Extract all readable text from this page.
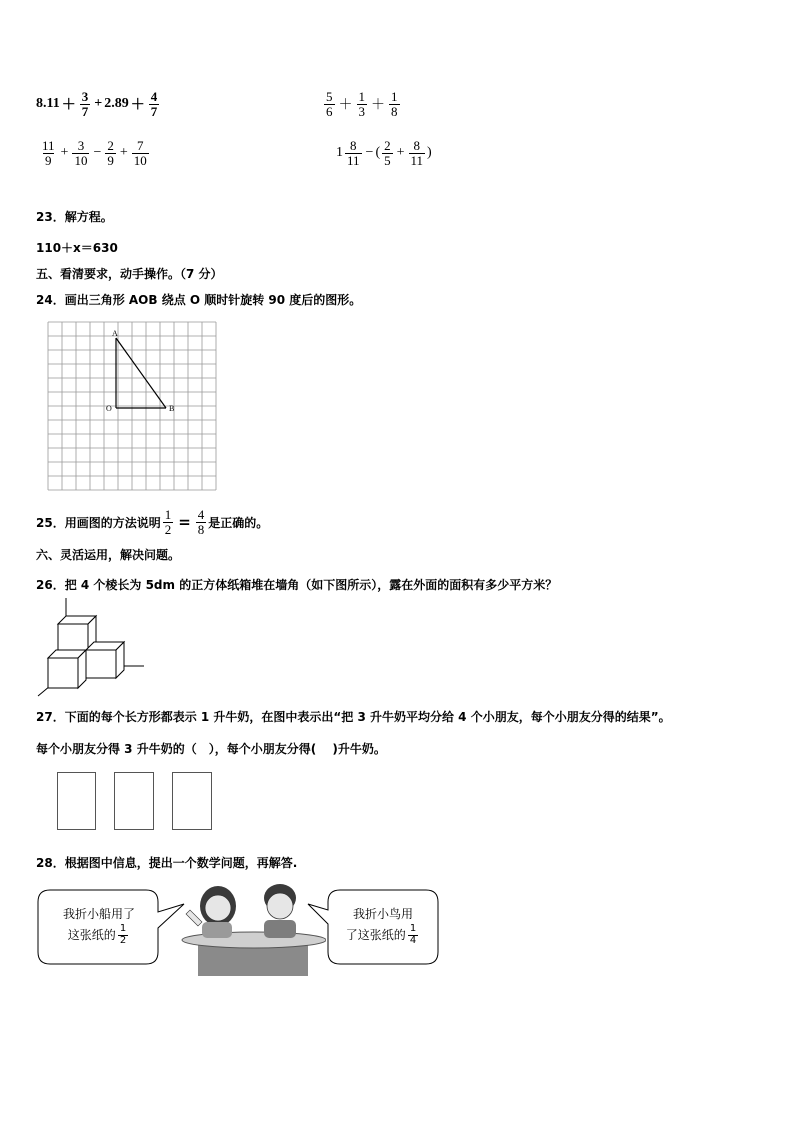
$8.11 + \frac{3}{7} + 2.89 + \frac{4}{7}$	$\frac{5}{6} + \frac{1}{3} + \frac{1}{8}$
$\frac{11}{9} + \frac{3}{10} - \frac{2}{9} + \frac{7}{10}$	$1 \frac{8}{11}$ − ( $\frac{2}{5} + \frac{8}{11}$ )
23．解方程。
110＋x＝630
五、看清要求，动手操作。（7 分）
24．画出三角形 AOB 绕点 O 顺时针旋转 90 度后的图形。
A
O	B
25．用画图的方法说明 $\frac{1}{2} = \frac{4}{8}$ 是正确的。
六、灵活运用，解决问题。
26．把 4 个棱长为 5dm 的正方体纸箱堆在墙角（如下图所示），露在外面的面积有多少平方米？
27．下面的每个长方形都表示 1 升牛奶，在图中表示出“把 3 升牛奶平均分给 4 个小朋友，每个小朋友分得的结果”。
每个小朋友分得 3 升牛奶的（　），每个小朋友分得(　 )升牛奶。
28．根据图中信息，提出一个数学问题，再解答.
我折小船用了
这张纸的 $\frac{1}{2}$
我折小鸟用
了这张纸的 $\frac{1}{4}$
